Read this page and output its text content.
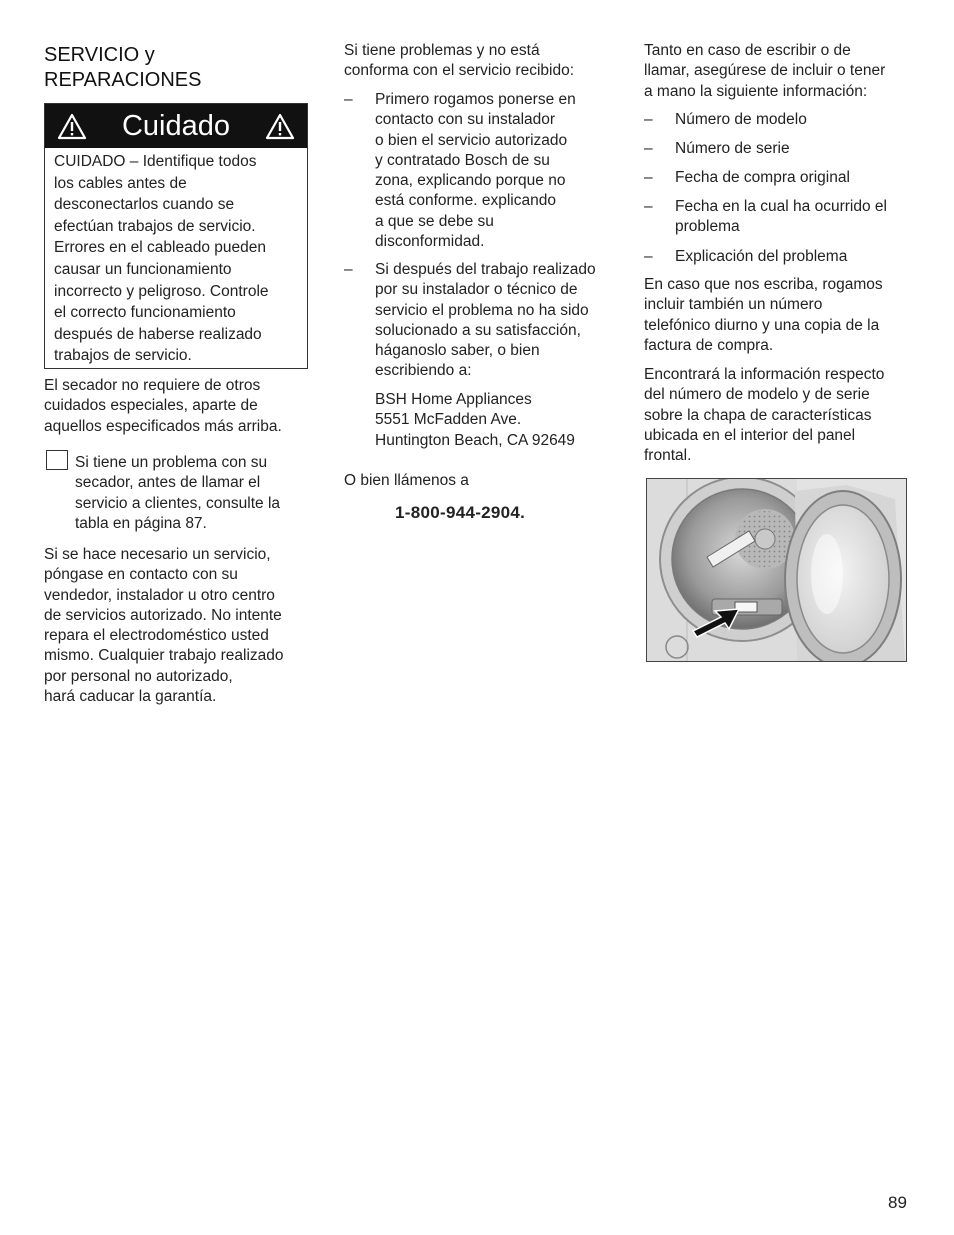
SERVICIO y
REPARACIONES
Cuidado
CUIDADO – Identifique todos
los cables antes de
desconectarlos cuando se
efectúan trabajos de servicio.
Errores en el cableado pueden
causar un funcionamiento
incorrecto y peligroso. Controle
el correcto funcionamiento
después de haberse realizado
trabajos de servicio.
El secador no requiere de otros
cuidados especiales, aparte de
aquellos especificados más arriba.
Si tiene un problema con su
secador, antes de llamar el
servicio a clientes, consulte la
tabla en página 87.
Si se hace necesario un servicio,
póngase en contacto con su
vendedor, instalador u otro centro
de servicios autorizado. No intente
repara el electrodoméstico usted
mismo. Cualquier trabajo realizado
por personal no autorizado,
hará caducar la garantía.
Si tiene problemas y no está
conforma con el servicio recibido:
– Primero rogamos ponerse en
contacto con su instalador
o bien el servicio autorizado
y contratado Bosch de su
zona, explicando porque no
está conforme. explicando
a que se debe su
disconformidad.
– Si después del trabajo realizado
por su instalador o técnico de
servicio el problema no ha sido
solucionado a su satisfacción,
háganoslo saber, o bien
escribiendo a:
BSH Home Appliances
5551 McFadden Ave.
Huntington Beach, CA 92649
O bien llámenos a
1-800-944-2904.
Tanto en caso de escribir o de
llamar, asegúrese de incluir o tener
a mano la siguiente información:
– Número de modelo
– Número de serie
– Fecha de compra original
– Fecha en la cual ha ocurrido el
problema
– Explicación del problema
En caso que nos escriba, rogamos
incluir también un número
telefónico diurno y una copia de la
factura de compra.
Encontrará la información respecto
del número de modelo y de serie
sobre la chapa de características
ubicada en el interior del panel
frontal.
89
